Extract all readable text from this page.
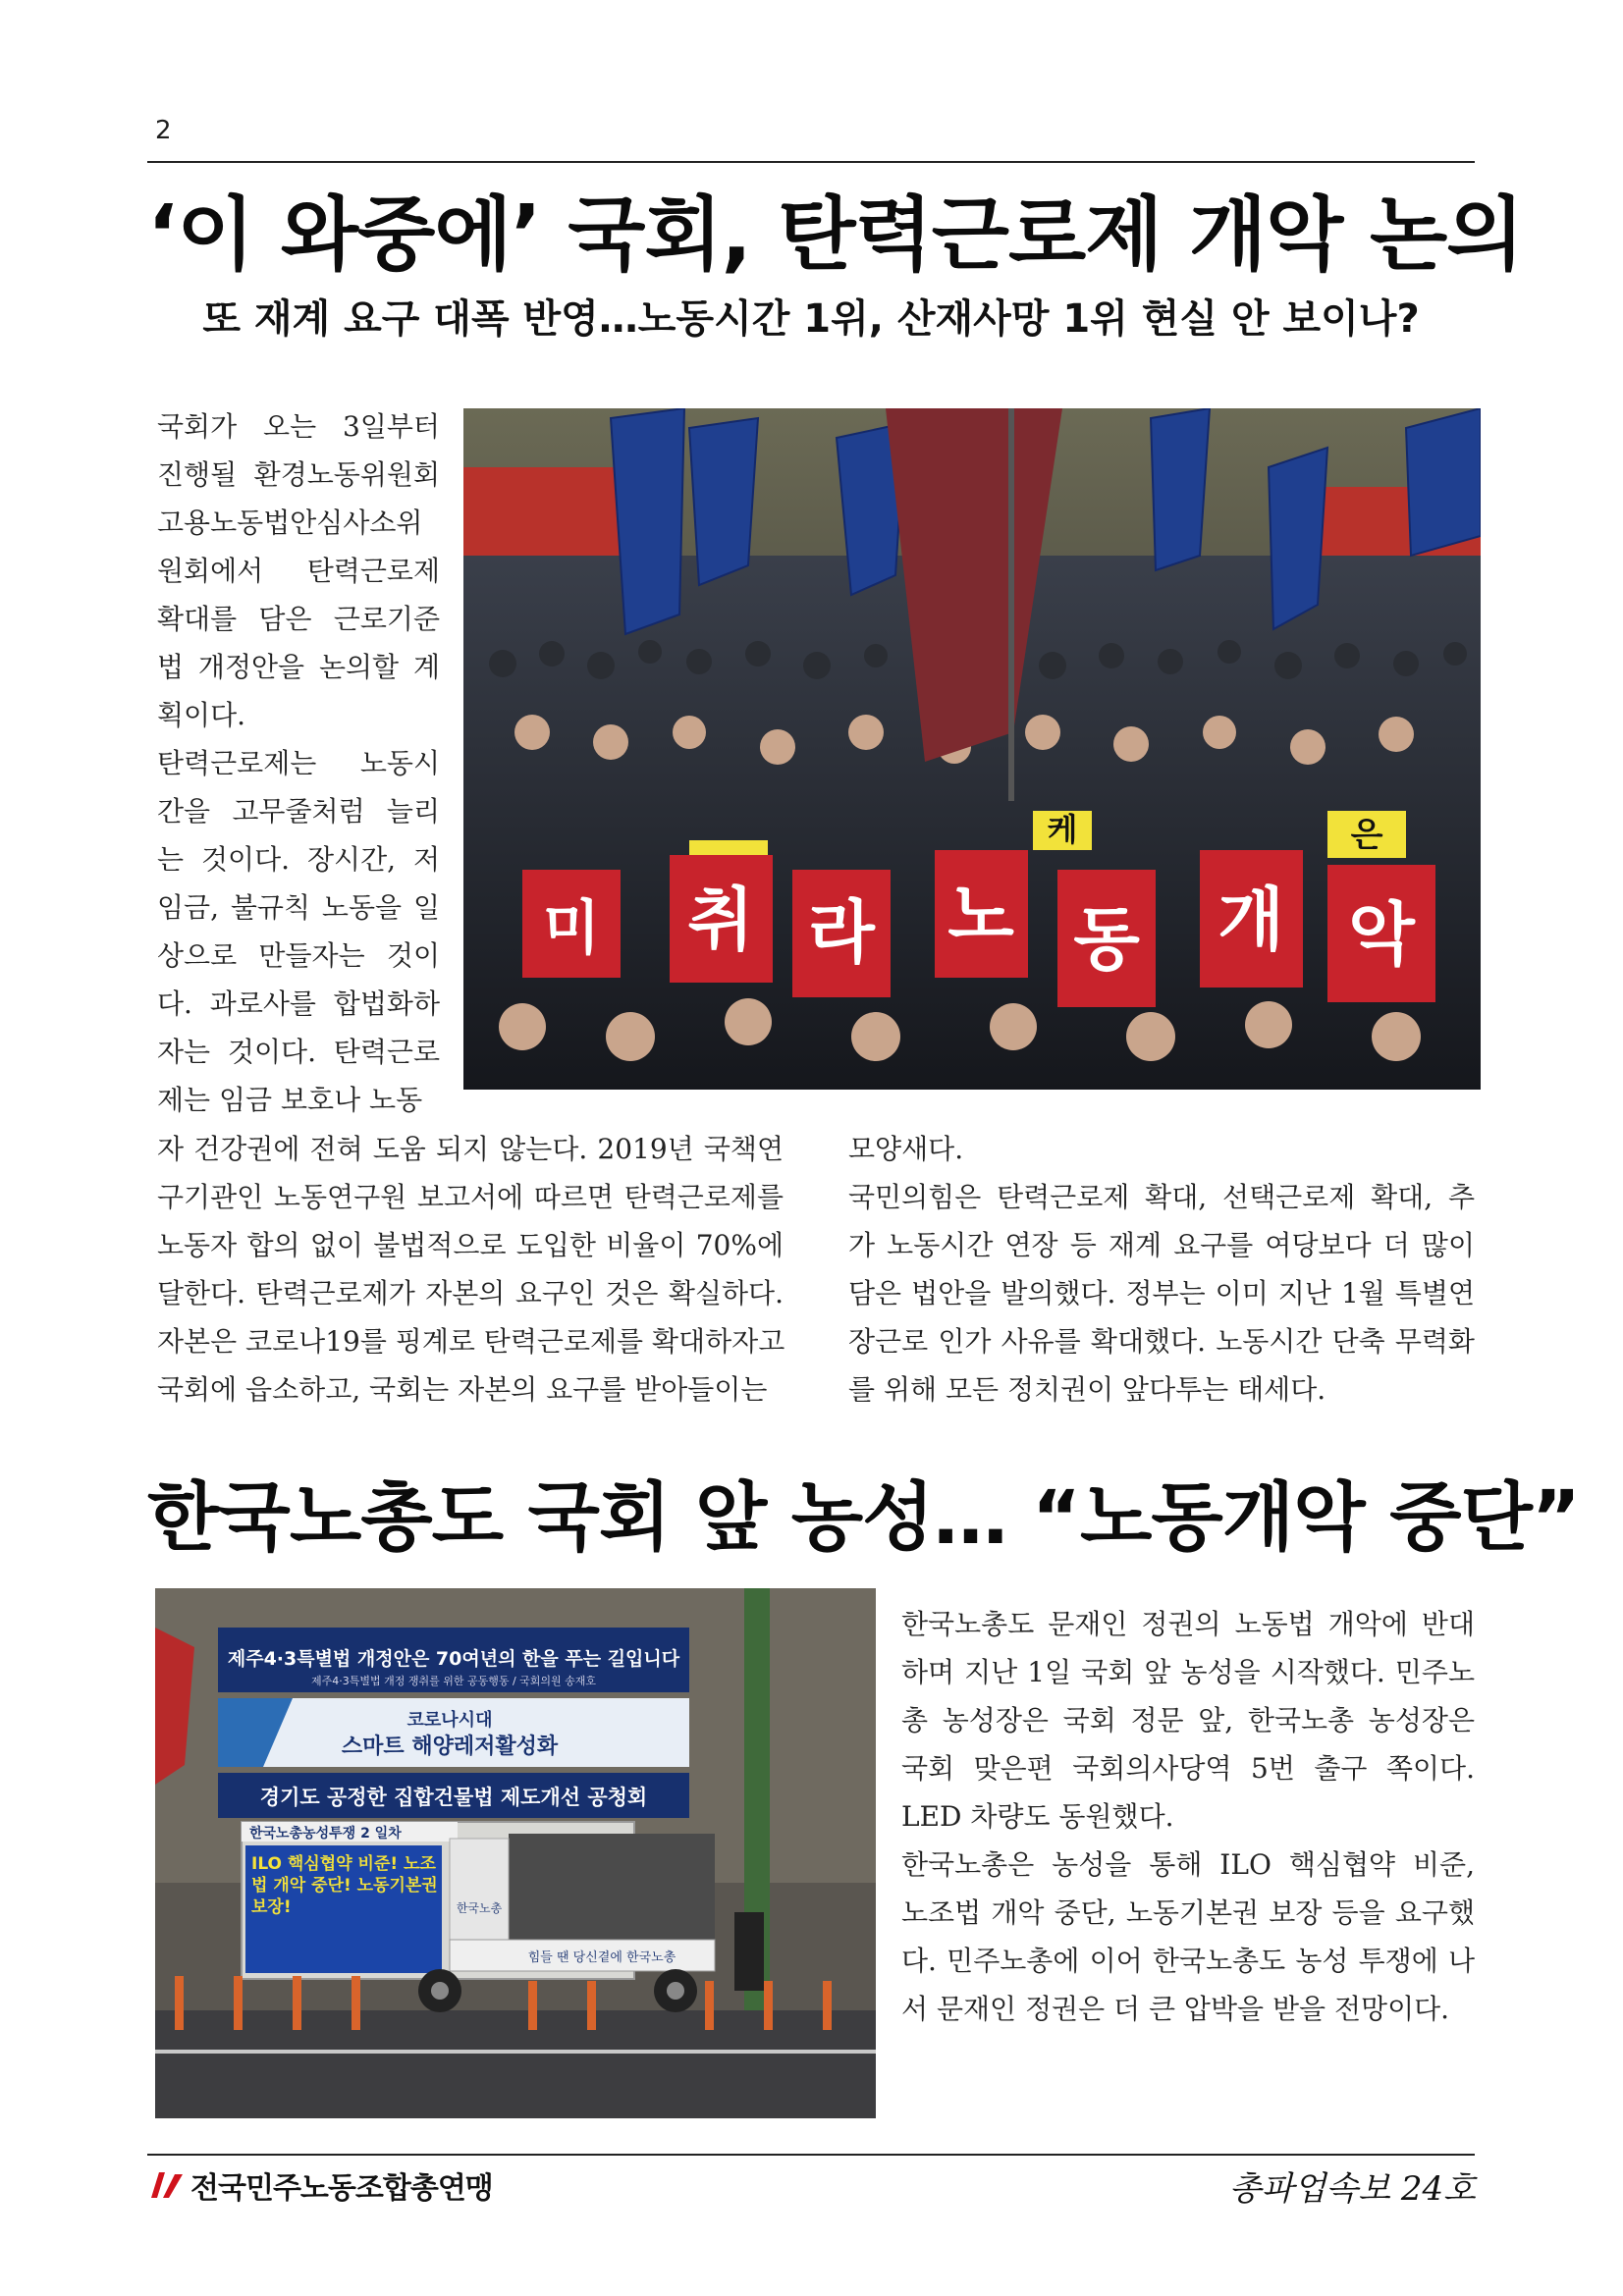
2
‘이 와중에’ 국회, 탄력근로제 개악 논의
또 재계 요구 대폭 반영…노동시간 1위, 산재사망 1위 현실 안 보이나?
국회가 오는 3일부터
진행될 환경노동위원회
고용노동법안심사소위
원회에서 탄력근로제
확대를 담은 근로기준
법 개정안을 논의할 계
획이다.
탄력근로제는 노동시
간을 고무줄처럼 늘리
는 것이다. 장시간, 저
임금, 불규칙 노동을 일
상으로 만들자는 것이
다. 과로사를 합법화하
자는 것이다. 탄력근로
제는 임금 보호나 노동
미 취 라 노 동 개 악
케	은
자 건강권에 전혀 도움 되지 않는다. 2019년 국책연
구기관인 노동연구원 보고서에 따르면 탄력근로제를
노동자 합의 없이 불법적으로 도입한 비율이 70%에
달한다. 탄력근로제가 자본의 요구인 것은 확실하다.
자본은 코로나19를 핑계로 탄력근로제를 확대하자고
국회에 읍소하고, 국회는 자본의 요구를 받아들이는
모양새다.
국민의힘은 탄력근로제 확대, 선택근로제 확대, 추
가 노동시간 연장 등 재계 요구를 여당보다 더 많이
담은 법안을 발의했다. 정부는 이미 지난 1월 특별연
장근로 인가 사유를 확대했다. 노동시간 단축 무력화
를 위해 모든 정치권이 앞다투는 태세다.
한국노총도 국회 앞 농성… “노동개악 중단”
제주4·3특별법 개정안은 70여년의 한을 푸는 길입니다
제주4·3특별법 개정 쟁취를 위한 공동행동 / 국회의원 송재호
코로나시대
스마트 해양레저활성화
경기도 공정한 집합건물법 제도개선 공청회
한국노총농성투쟁 2 일차
ILO 핵심협약 비준! 노조법 개악 중단! 노동기본권 보장!
힘들 땐 당신곁에 한국노총
한국노총
한국노총도 문재인 정권의 노동법 개악에 반대
하며 지난 1일 국회 앞 농성을 시작했다. 민주노
총 농성장은 국회 정문 앞, 한국노총 농성장은
국회 맞은편 국회의사당역 5번 출구 쪽이다.
LED 차량도 동원했다.
한국노총은 농성을 통해 ILO 핵심협약 비준,
노조법 개악 중단, 노동기본권 보장 등을 요구했
다. 민주노총에 이어 한국노총도 농성 투쟁에 나
서 문재인 정권은 더 큰 압박을 받을 전망이다.
전국민주노동조합총연맹	총파업속보 24호
